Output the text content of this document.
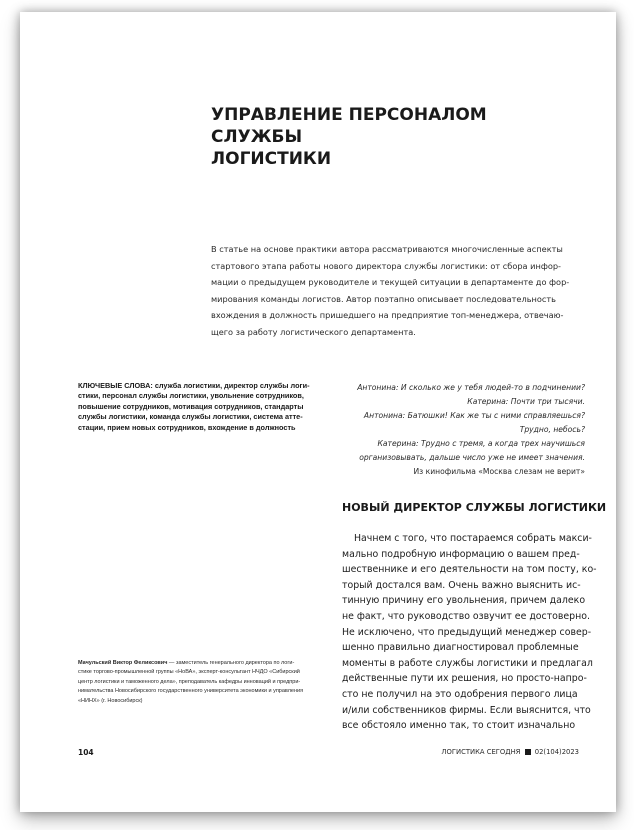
УПРАВЛЕНИЕ ПЕРСОНАЛОМ СЛУЖБЫ
ЛОГИСТИКИ
В статье на основе практики автора рассматриваются многочисленные аспекты
стартового этапа работы нового директора службы логистики: от сбора инфор-
мации о предыдущем руководителе и текущей ситуации в департаменте до фор-
мирования команды логистов. Автор поэтапно описывает последовательность
вхождения в должность пришедшего на предприятие топ-менеджера, отвечаю-
щего за работу логистического департамента.
КЛЮЧЕВЫЕ СЛОВА: служба логистики, директор службы логи-
стики, персонал службы логистики, увольнение сотрудников,
повышение сотрудников, мотивация сотрудников, стандарты
службы логистики, команда службы логистики, система атте-
стации, прием новых сотрудников, вхождение в должность
Антонина: И сколько же у тебя людей-то в подчинении?
Катерина: Почти три тысячи.
Антонина: Батюшки! Как же ты с ними справляешься?
Трудно, небось?
Катерина: Трудно с тремя, а когда трех научишься
организовывать, дальше число уже не имеет значения.
Из кинофильма «Москва слезам не верит»
НОВЫЙ ДИРЕКТОР СЛУЖБЫ ЛОГИСТИКИ
Начнем с того, что постараемся собрать макси-
мально подробную информацию о вашем пред-
шественнике и его деятельности на том посту, ко-
торый достался вам. Очень важно выяснить ис-
тинную причину его увольнения, причем далеко
не факт, что руководство озвучит ее достоверно.
Не исключено, что предыдущий менеджер совер-
шенно правильно диагностировал проблемные
моменты в работе службы логистики и предлагал
действенные пути их решения, но просто-напро-
сто не получил на это одобрения первого лица
и/или собственников фирмы. Если выяснится, что
все обстояло именно так, то стоит изначально
Мачульский Виктор Феликсович — заместитель генерального директора по логи-
стике торгово-промышленной группы «НоВА», эксперт-консультант НЧДО «Сибирский
центр логистики и таможенного дела», преподаватель кафедры инноваций и предпри-
нимательства Новосибирского государственного университета экономики и управления
«НИНХ» (г. Новосибирск)
104	ЛОГИСТИКА СЕГОДНЯ 02(104)2023
